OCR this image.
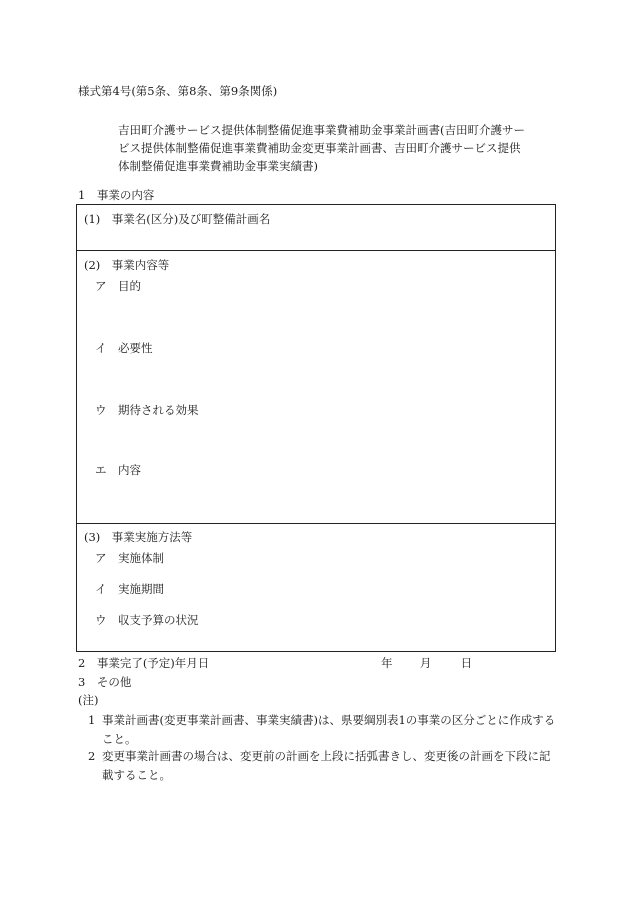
様式第4号(第5条、第8条、第9条関係)
吉田町介護サービス提供体制整備促進事業費補助金事業計画書(吉田町介護サービス提供体制整備促進事業費補助金変更事業計画書、吉田町介護サービス提供体制整備促進事業費補助金事業実績書)
1　事業の内容
(1)　事業名(区分)及び町整備計画名
(2)　事業内容等
ア　目的
イ　必要性
ウ　期待される効果
エ　内容
(3)　事業実施方法等
ア　実施体制
イ　実施期間
ウ　収支予算の状況
2　事業完了(予定)年月日	年 月	日
3　その他
(注)
1 事業計画書(変更事業計画書、事業実績書)は、県要綱別表1の事業の区分ごとに作成すること。
2 変更事業計画書の場合は、変更前の計画を上段に括弧書きし、変更後の計画を下段に記載すること。
